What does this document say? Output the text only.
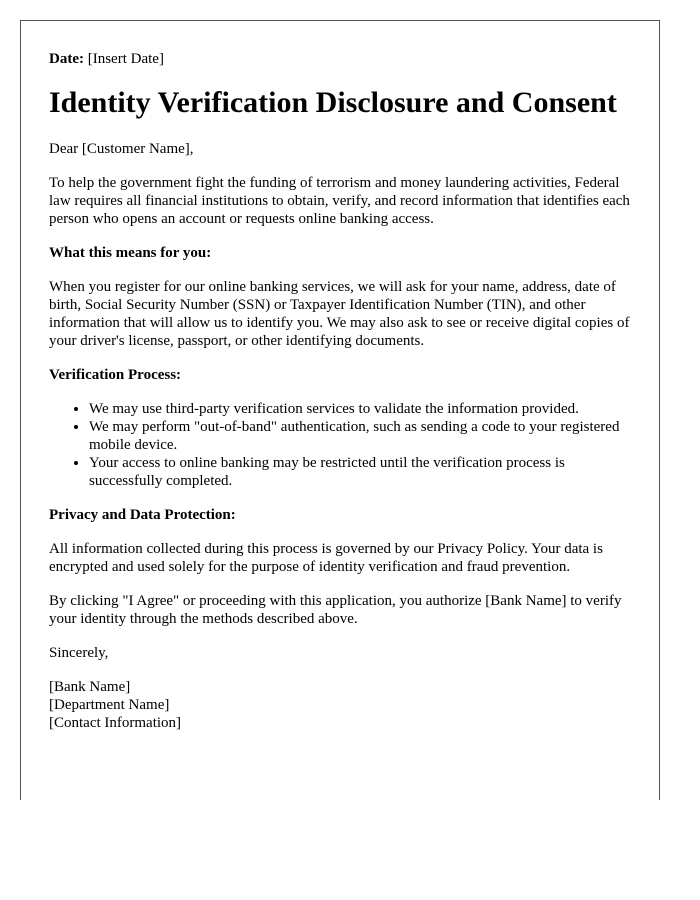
Date: [Insert Date]
Identity Verification Disclosure and Consent

Dear [Customer Name],

To help the government fight the funding of terrorism and money laundering activities, Federal law requires all financial institutions to obtain, verify, and record information that identifies each person who opens an account or requests online banking access.

What this means for you:

When you register for our online banking services, we will ask for your name, address, date of birth, Social Security Number (SSN) or Taxpayer Identification Number (TIN), and other information that will allow us to identify you. We may also ask to see or receive digital copies of your driver's license, passport, or other identifying documents.

Verification Process:

• We may use third-party verification services to validate the information provided.
• We may perform "out-of-band" authentication, such as sending a code to your registered mobile device.
• Your access to online banking may be restricted until the verification process is successfully completed.

Privacy and Data Protection:

All information collected during this process is governed by our Privacy Policy. Your data is encrypted and used solely for the purpose of identity verification and fraud prevention.

By clicking "I Agree" or proceeding with this application, you authorize [Bank Name] to verify your identity through the methods described above.

Sincerely,

[Bank Name]

[Department Name]

[Contact Information]
